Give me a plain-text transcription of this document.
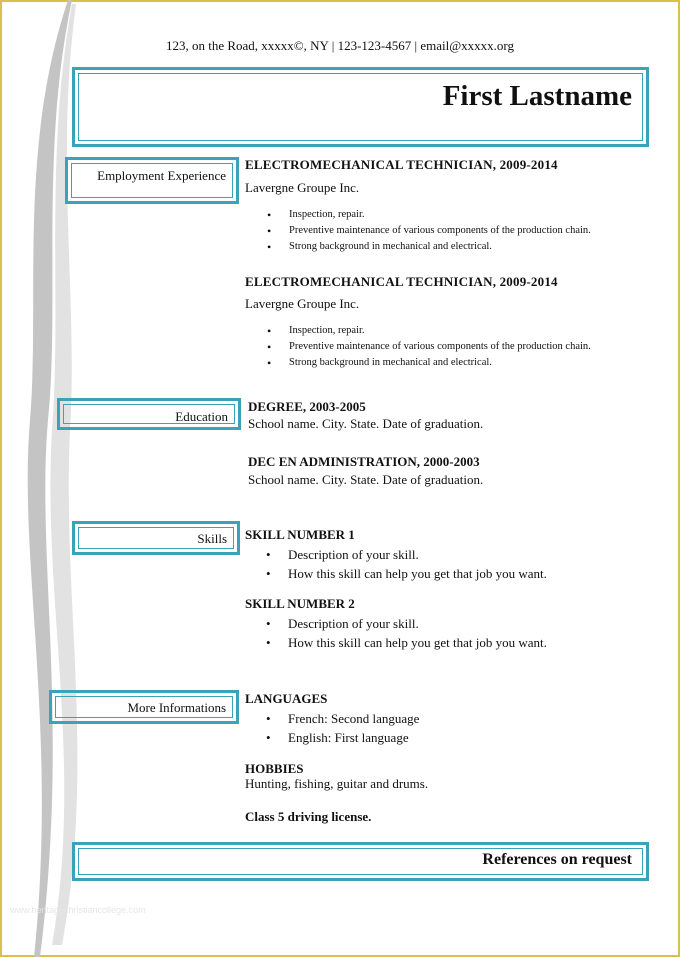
123, on the Road, xxxxx©, NY | 123-123-4567 | email@xxxxx.org
First Lastname
Employment Experience
ELECTROMECHANICAL TECHNICIAN, 2009-2014
Lavergne Groupe Inc.
• Inspection, repair.
• Preventive maintenance of various components of the production chain.
• Strong background in mechanical and electrical.
ELECTROMECHANICAL TECHNICIAN, 2009-2014
Lavergne Groupe Inc.
• Inspection, repair.
• Preventive maintenance of various components of the production chain.
• Strong background in mechanical and electrical.
Education
DEGREE, 2003-2005
School name. City. State. Date of graduation.
DEC EN ADMINISTRATION, 2000-2003
School name. City. State. Date of graduation.
Skills SKILL NUMBER 1
• Description of your skill.
• How this skill can help you get that job you want.
SKILL NUMBER 2
• Description of your skill.
• How this skill can help you get that job you want.
More Informations
LANGUAGES
• French: Second language
• English: First language
HOBBIES
Hunting, fishing, guitar and drums.
Class 5 driving license.
References on request
www.heritagechristiancollege.com
